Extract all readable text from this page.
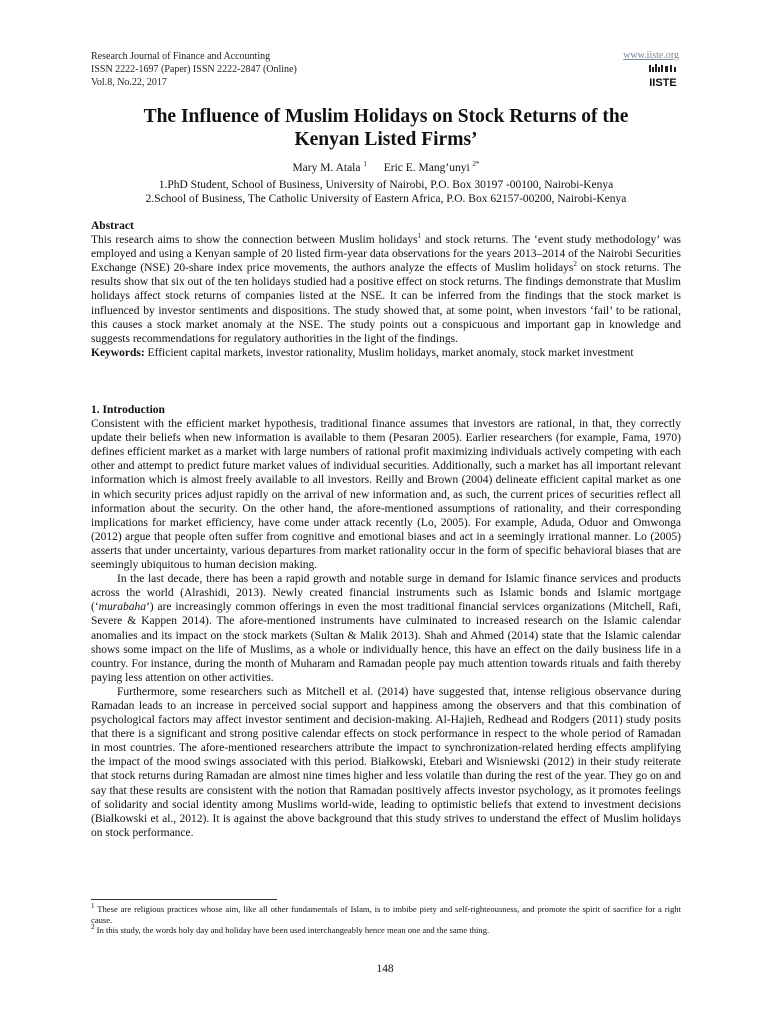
Research Journal of Finance and Accounting
ISSN 2222-1697 (Paper) ISSN 2222-2847 (Online)
Vol.8, No.22, 2017
www.iiste.org
IISTE
The Influence of Muslim Holidays on Stock Returns of the
Kenyan Listed Firms’
Mary M. Atala $^1$ Eric E. Mang’unyi $^{2*}$
1.PhD Student, School of Business, University of Nairobi, P.O. Box 30197 -00100, Nairobi-Kenya
2.School of Business, The Catholic University of Eastern Africa, P.O. Box 62157-00200, Nairobi-Kenya

Abstract

This research aims to show the connection between Muslim holidays$^1$ and stock returns. The ‘event study methodology’ was employed and using a Kenyan sample of 20 listed firm-year data observations for the years 2013–2014 of the Nairobi Securities Exchange (NSE) 20-share index price movements, the authors analyze the effects of Muslim holidays$^2$ on stock returns. The results show that six out of the ten holidays studied had a positive effect on stock returns. The findings demonstrate that Muslim holidays affect stock returns of companies listed at the NSE. It can be inferred from the findings that the stock market is influenced by investor sentiments and dispositions. The study showed that, at some point, when investors ‘fail’ to be rational, this causes a stock market anomaly at the NSE. The study points out a conspicuous and important gap in knowledge and suggests recommendations for regulatory authorities in the light of the findings.

Keywords: Efficient capital markets, investor rationality, Muslim holidays, market anomaly, stock market investment

1. Introduction

Consistent with the efficient market hypothesis, traditional finance assumes that investors are rational, in that, they correctly update their beliefs when new information is available to them (Pesaran 2005). Earlier researchers (for example, Fama, 1970) defines efficient market as a market with large numbers of rational profit maximizing individuals actively competing with each other and attempt to predict future market values of individual securities. Additionally, such a market has all important relevant information which is almost freely available to all investors. Reilly and Brown (2004) delineate efficient capital market as one in which security prices adjust rapidly on the arrival of new information and, as such, the current prices of securities reflect all information about the security. On the other hand, the afore-mentioned assumptions of rationality, and their corresponding implications for market efficiency, have come under attack recently (Lo, 2005). For example, Aduda, Oduor and Omwonga (2012) argue that people often suffer from cognitive and emotional biases and act in a seemingly irrational manner. Lo (2005) asserts that under uncertainty, various departures from market rationality occur in the form of specific behavioral biases that are seemingly ubiquitous to human decision making.

In the last decade, there has been a rapid growth and notable surge in demand for Islamic finance services and products across the world (Alrashidi, 2013). Newly created financial instruments such as Islamic bonds and Islamic mortgage (‘murabaha’) are increasingly common offerings in even the most traditional financial services organizations (Mitchell, Rafi, Severe & Kappen 2014). The afore-mentioned instruments have culminated to increased research on the Islamic calendar anomalies and its impact on the stock markets (Sultan & Malik 2013). Shah and Ahmed (2014) state that the Islamic calendar shows some impact on the life of Muslims, as a whole or individually hence, this have an effect on the daily business life in a country. For instance, during the month of Muharam and Ramadan people pay much attention towards rituals and faith thereby paying less attention on other activities.

Furthermore, some researchers such as Mitchell et al. (2014) have suggested that, intense religious observance during Ramadan leads to an increase in perceived social support and happiness among the observers and that this combination of psychological factors may affect investor sentiment and decision-making. Al-Hajieh, Redhead and Rodgers (2011) study posits that there is a significant and strong positive calendar effects on stock performance in respect to the whole period of Ramadan in most countries. The afore-mentioned researchers attribute the impact to synchronization-related herding effects amplifying the impact of the mood swings associated with this period. Białkowski, Etebari and Wisniewski (2012) in their study reiterate that stock returns during Ramadan are almost nine times higher and less volatile than during the rest of the year. They go on and say that these results are consistent with the notion that Ramadan positively affects investor psychology, as it promotes feelings of solidarity and social identity among Muslims world-wide, leading to optimistic beliefs that extend to investment decisions (Białkowski et al., 2012). It is against the above background that this study strives to understand the effect of Muslim holidays on stock performance.

$^1$ These are religious practices whose aim, like all other fundamentals of Islam, is to imbibe piety and self-righteousness, and promote the spirit of sacrifice for a right cause.

$^2$ In this study, the words holy day and holiday have been used interchangeably hence mean one and the same thing.

148
